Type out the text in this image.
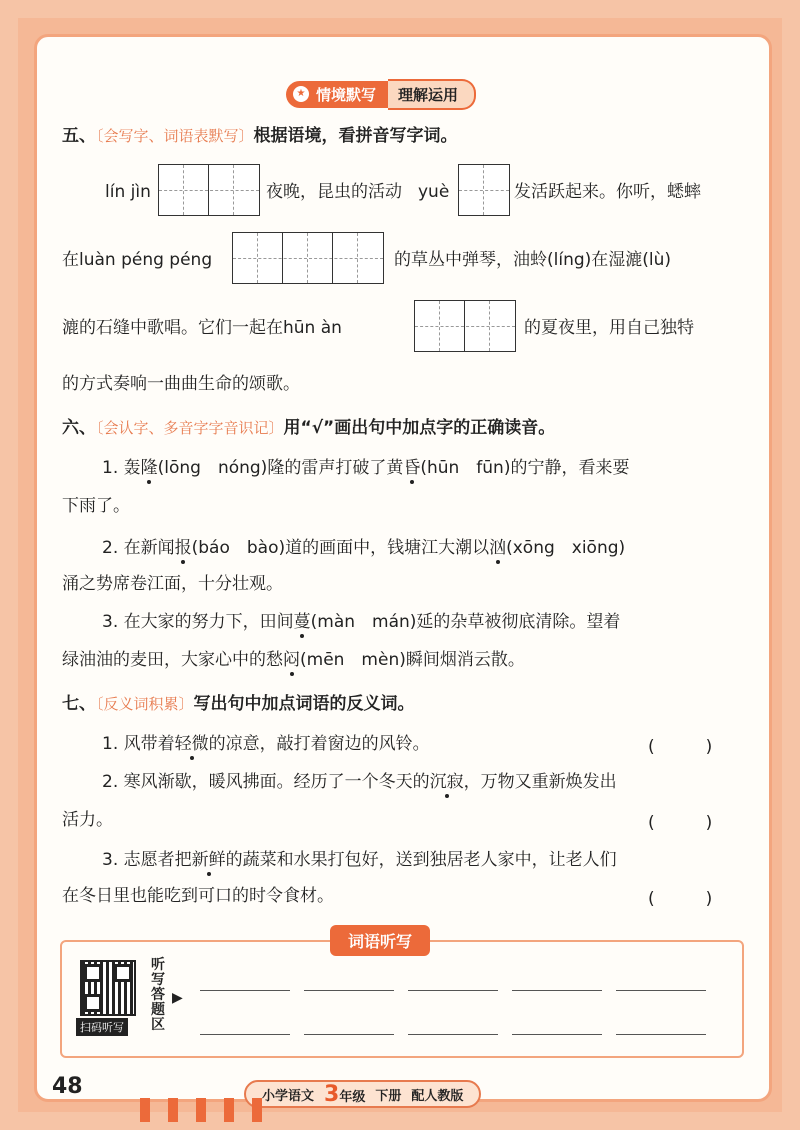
★ 情境默写	理解运用
五、〔会写字、词语表默写〕根据语境，看拼音写字词。
lín jìn	夜晚，昆虫的活动 yuè	发活跃起来。你听，蟋蟀
在luàn péng péng	的草丛中弹琴，油蛉(líng)在湿漉(lù)
漉的石缝中歌唱。它们一起在hūn àn	的夏夜里，用自己独特
的方式奏响一曲曲生命的颂歌。
六、〔会认字、多音字字音识记〕用“√”画出句中加点字的正确读音。
1. 轰隆(lōng　nóng)隆的雷声打破了黄昏(hūn　fūn)的宁静，看来要
下雨了。
2. 在新闻报(báo　bào)道的画面中，钱塘江大潮以汹(xōng　xiōng)
涌之势席卷江面，十分壮观。
3. 在大家的努力下，田间蔓(màn　mán)延的杂草被彻底清除。望着
绿油油的麦田，大家心中的愁闷(mēn　mèn)瞬间烟消云散。
七、〔反义词积累〕写出句中加点词语的反义词。
1. 风带着轻微的凉意，敲打着窗边的风铃。	(　　　)
2. 寒风渐歇，暖风拂面。经历了一个冬天的沉寂，万物又重新焕发出
活力。	(　　　)
3. 志愿者把新鲜的蔬菜和水果打包好，送到独居老人家中，让老人们
在冬日里也能吃到可口的时令食材。	(　　　)
词语听写
扫码听写
听写答题区
▶
48	小学语文 3年级 下册 配人教版
